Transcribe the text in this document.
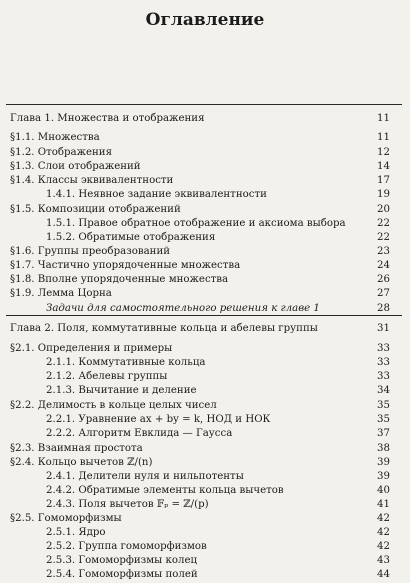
Оглавление
Глава 1. Множества и отображения	11
§1.1. Множества	11
§1.2. Отображения	12
§1.3. Слои отображений	14
§1.4. Классы эквивалентности	17
1.4.1. Неявное задание эквивалентности	19
§1.5. Композиции отображений	20
1.5.1. Правое обратное отображение и аксиома выбора	22
1.5.2. Обратимые отображения	22
§1.6. Группы преобразований	23
§1.7. Частично упорядоченные множества	24
§1.8. Вполне упорядоченные множества	26
§1.9. Лемма Цорна	27
Задачи для самостоятельного решения к главе 1	28
Глава 2. Поля, коммутативные кольца и абелевы группы	31
§2.1. Определения и примеры	33
2.1.1. Коммутативные кольца	33
2.1.2. Абелевы группы	33
2.1.3. Вычитание и деление	34
§2.2. Делимость в кольце целых чисел	35
2.2.1. Уравнение ax + by = k, НОД и НОК	35
2.2.2. Алгоритм Евклида — Гаусса	37
§2.3. Взаимная простота	38
§2.4. Кольцо вычетов ℤ/(n)	39
2.4.1. Делители нуля и нильпотенты	39
2.4.2. Обратимые элементы кольца вычетов	40
2.4.3. Поля вычетов 𝔽ₚ = ℤ/(p)	41
§2.5. Гомоморфизмы	42
2.5.1. Ядро	42
2.5.2. Группа гомоморфизмов	42
2.5.3. Гомоморфизмы колец	43
2.5.4. Гомоморфизмы полей	44
